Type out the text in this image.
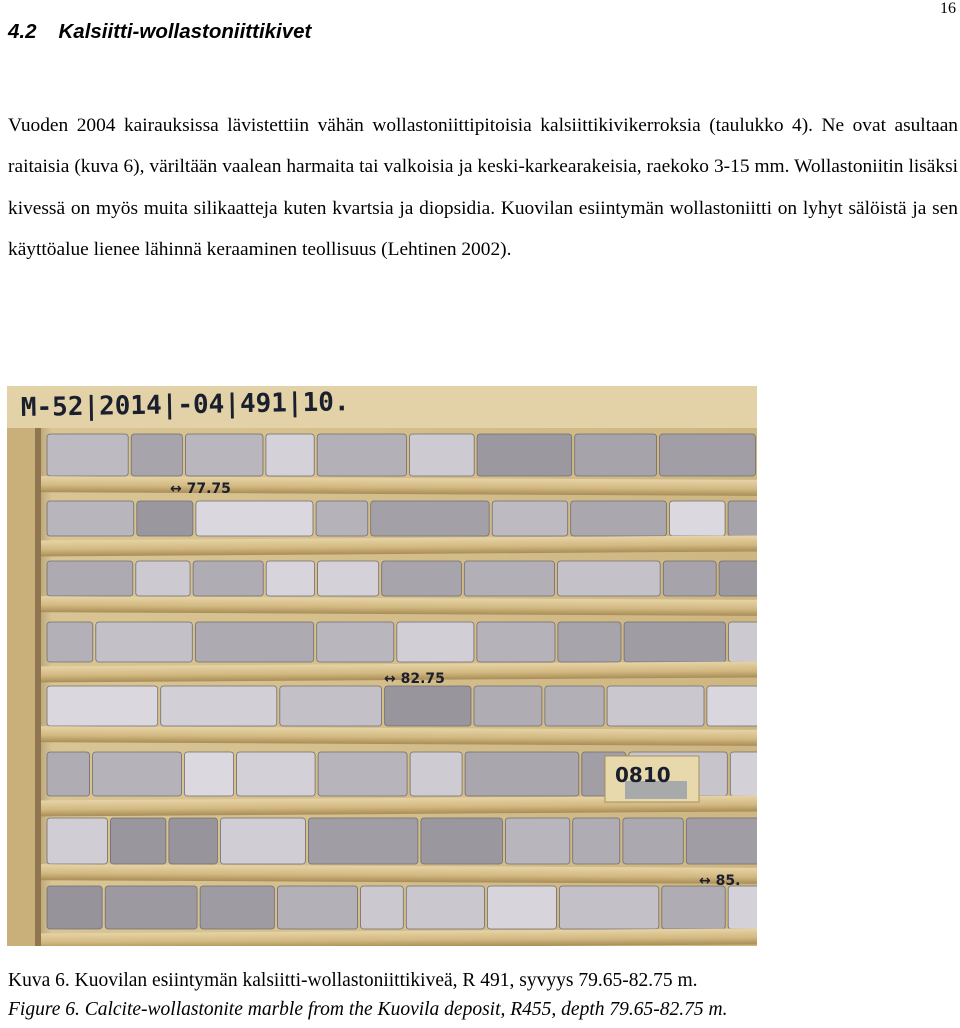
16
4.2 Kalsiitti-wollastoniittikivet

Vuoden 2004 kairauksissa lävistettiin vähän wollastoniittipitoisia kalsiittikivikerroksia (taulukko 4). Ne ovat asultaan raitaisia (kuva 6), väriltään vaalean harmaita tai valkoisia ja keski-karkearakeisia, raekoko 3-15 mm. Wollastoniitin lisäksi kivessä on myös muita silikaatteja kuten kvartsia ja diopsidia. Kuovilan esiintymän wollastoniitti on lyhyt sälöistä ja sen käyttöalue lienee lähinnä keraaminen teollisuus (Lehtinen 2002).

M-52|2014|-04|491|10.
↔ 77.75
↔ 82.75
↔ 85.
0810

Kuva 6. Kuovilan esiintymän kalsiitti-wollastoniittikiveä, R 491, syvyys 79.65-82.75 m.

Figure 6. Calcite-wollastonite marble from the Kuovila deposit, R455, depth 79.65-82.75 m.
